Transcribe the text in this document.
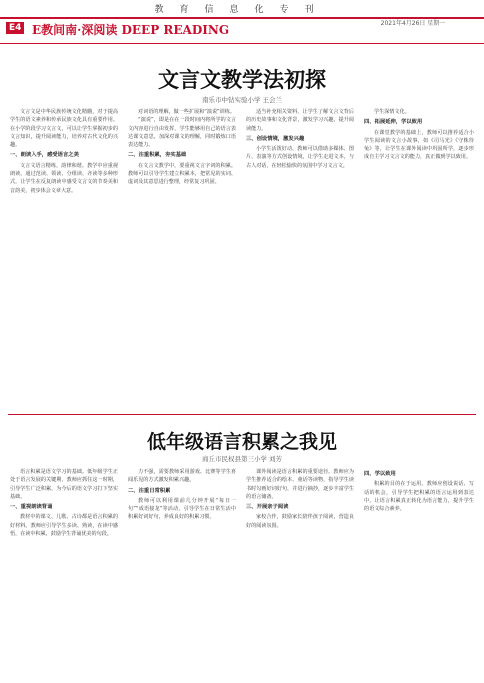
教育信息化专刊
E4 E教间南·深阅读 DEEP READING	2021年4月26日 星期一
文言文教学法初探
南乐市中钻实验小学 王会兰

文言文是中华民族传统文化精髓，对于提高学生的语文素养和传承民族文化具有重要作用。在小学阶段学习文言文，可以让学生掌握初步的文言知识，提升阅读能力，培养对古代文化的兴趣。

一、朗读入手，感受语言之美

文言文语言精练，韵律和谐。教学中应重视朗读，通过范读、领读、分组读、齐读等多种形式，让学生在反复朗读中感受文言文的节奏美和音韵美，初步体会文章大意。

对词语的理解，做一些扩展和“演说”训练。

“演说”，即是在在一段时间内将所学的文言文内容进行自由发挥，学生能够用自己的语言表达课文意思，加深对课文的理解，同时锻炼口语表达能力。

二、注重积累，夯实基础

在文言文教学中，要重视文言字词的积累。教师可以引导学生建立积累本，把常见的实词、虚词及其意思进行整理，经常复习巩固。

适当补充相关资料，让学生了解文言文背后的历史故事和文化背景，激发学习兴趣，提升阅读能力。

三、创设情境，激发兴趣

小学生活泼好动，教师可以借助多媒体、图片、表演等方式创设情境，让学生走进文本，与古人对话，在轻松愉快的氛围中学习文言文。

学生深情文化。

四、拓展延伸，学以致用

在课堂教学的基础上，教师可以推荐适合小学生阅读的文言小故事，如《司马光》《守株待兔》等，让学生在课外阅读中巩固所学，逐步形成自主学习文言文的能力，真正做到学以致用。

低年级语言积累之我见
商丘市民权县第三小学 刘芳

语言积累是语文学习的基础。低年级学生正处于语言发展的关键期，教师应抓住这一时期，引导学生广泛积累，为今后的语文学习打下坚实基础。

一、重视朗读背诵

教材中的课文、儿歌、古诗都是语言积累的好材料。教师应引导学生多读、熟读，在读中感悟，在读中积累，鼓励学生背诵优美的句段。

力不强，需要教师采用游戏、比赛等学生喜闻乐见的方式激发积累兴趣。

二、注重日常积累

教师可以利用课前几分钟开展“每日一句”“成语接龙”等活动，引导学生在日常生活中积累好词好句，养成良好的积累习惯。

课外阅读是语言积累的重要途径。教师应为学生推荐适合的绘本、童话等读物，指导学生读书时勾画好词好句，并进行摘抄，逐步丰富学生的语言储备。

三、开展亲子阅读

家校合作，鼓励家长陪伴孩子阅读，营造良好的阅读氛围。

四、学以致用

积累的目的在于运用。教师应创设说话、写话的机会，引导学生把积累的语言运用到表达中，让语言积累真正转化为语言能力，提升学生的语文综合素养。
